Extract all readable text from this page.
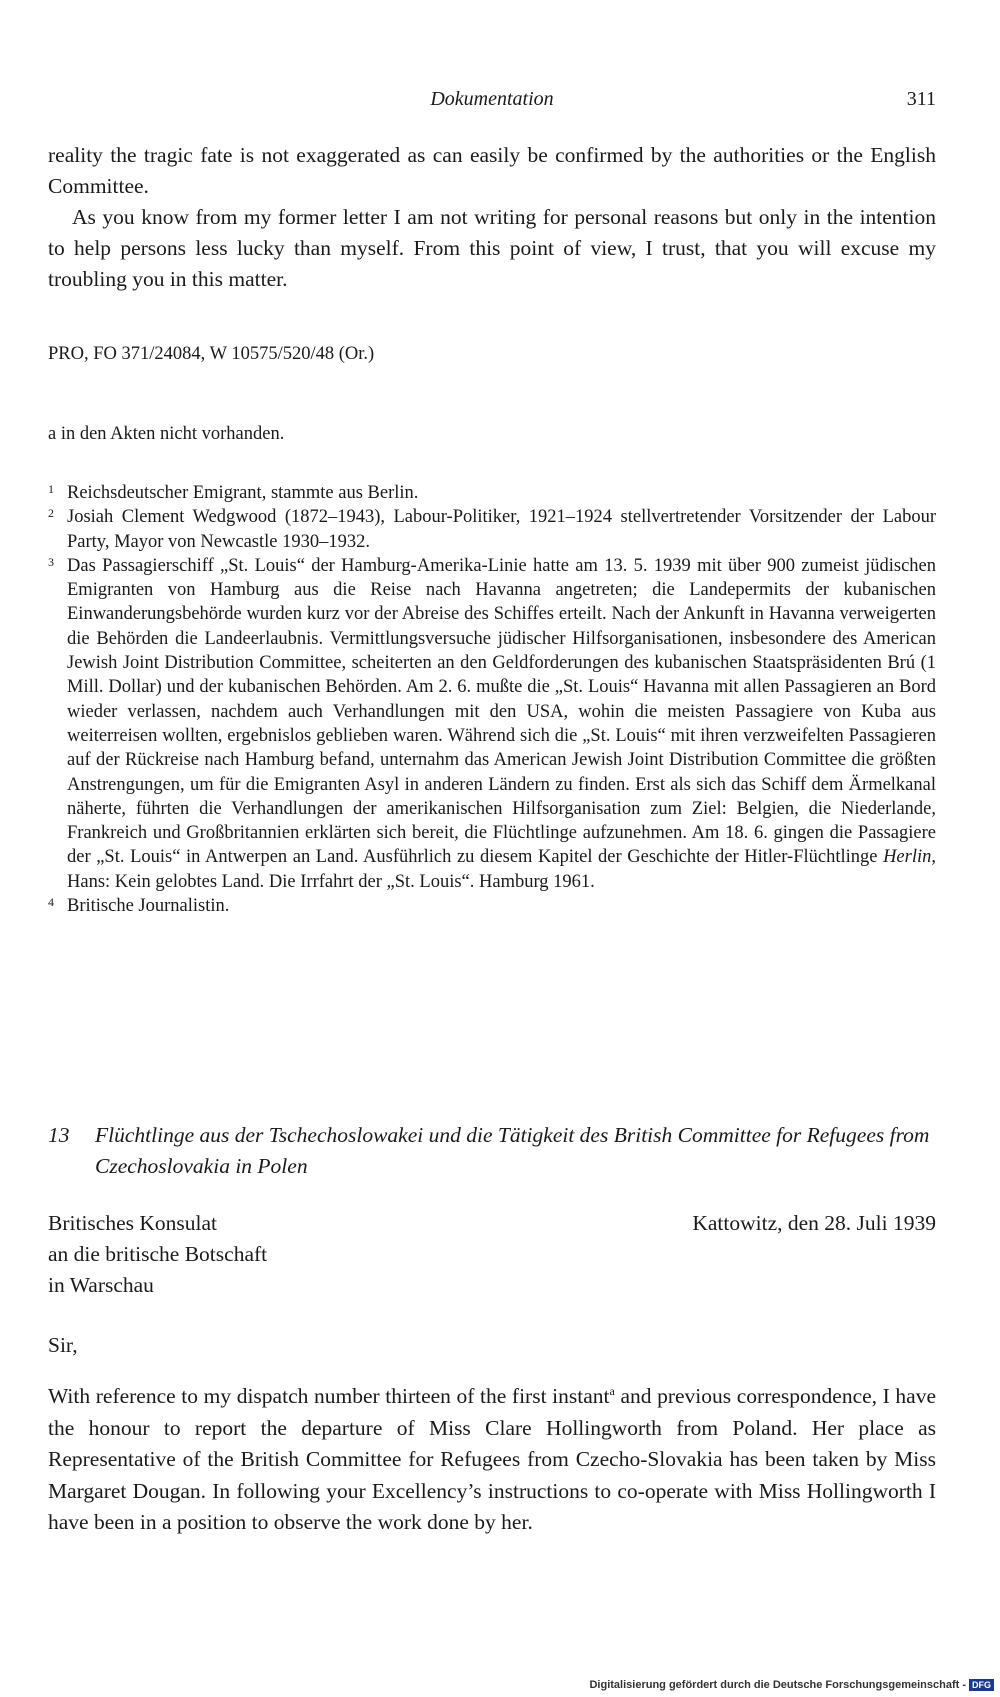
Dokumentation	311

reality the tragic fate is not exaggerated as can easily be confirmed by the authorities or the English Committee.

As you know from my former letter I am not writing for personal reasons but only in the intention to help persons less lucky than myself. From this point of view, I trust, that you will excuse my troubling you in this matter.

PRO, FO 371/24084, W 10575/520/48 (Or.)
a in den Akten nicht vorhanden.

1 Reichsdeutscher Emigrant, stammte aus Berlin.

2 Josiah Clement Wedgwood (1872–1943), Labour-Politiker, 1921–1924 stellvertretender Vorsitzender der Labour Party, Mayor von Newcastle 1930–1932.

3 Das Passagierschiff „St. Louis“ der Hamburg-Amerika-Linie hatte am 13. 5. 1939 mit über 900 zumeist jüdischen Emigranten von Hamburg aus die Reise nach Havanna angetreten; die Landepermits der kubanischen Einwanderungsbehörde wurden kurz vor der Abreise des Schiffes erteilt. Nach der Ankunft in Havanna verweigerten die Behörden die Landeerlaubnis. Vermittlungsversuche jüdischer Hilfsorganisationen, insbesondere des American Jewish Joint Distribution Committee, scheiterten an den Geldforderungen des kubanischen Staatspräsidenten Brú (1 Mill. Dollar) und der kubanischen Behörden. Am 2. 6. mußte die „St. Louis“ Havanna mit allen Passagieren an Bord wieder verlassen, nachdem auch Verhandlungen mit den USA, wohin die meisten Passagiere von Kuba aus weiterreisen wollten, ergebnislos geblieben waren. Während sich die „St. Louis“ mit ihren verzweifelten Passagieren auf der Rückreise nach Hamburg befand, unternahm das American Jewish Joint Distribution Committee die größten Anstrengungen, um für die Emigranten Asyl in anderen Ländern zu finden. Erst als sich das Schiff dem Ärmelkanal näherte, führten die Verhandlungen der amerikanischen Hilfsorganisation zum Ziel: Belgien, die Niederlande, Frankreich und Großbritannien erklärten sich bereit, die Flüchtlinge aufzunehmen. Am 18. 6. gingen die Passagiere der „St. Louis“ in Antwerpen an Land. Ausführlich zu diesem Kapitel der Geschichte der Hitler-Flüchtlinge Herlin, Hans: Kein gelobtes Land. Die Irrfahrt der „St. Louis“. Hamburg 1961.

4 Britische Journalistin.

13 Flüchtlinge aus der Tschechoslowakei und die Tätigkeit des British Committee for Refugees from Czechoslovakia in Polen
Britisches Konsulat
an die britische Botschaft
in Warschau
Kattowitz, den 28. Juli 1939
Sir,
With reference to my dispatch number thirteen of the first instant$^a$ and previous correspondence, I have the honour to report the departure of Miss Clare Hollingworth from Poland. Her place as Representative of the British Committee for Refugees from Czecho-Slovakia has been taken by Miss Margaret Dougan. In following your Excellency’s instructions to co-operate with Miss Hollingworth I have been in a position to observe the work done by her.
Digitalisierung gefördert durch die Deutsche Forschungsgemeinschaft - DFG
